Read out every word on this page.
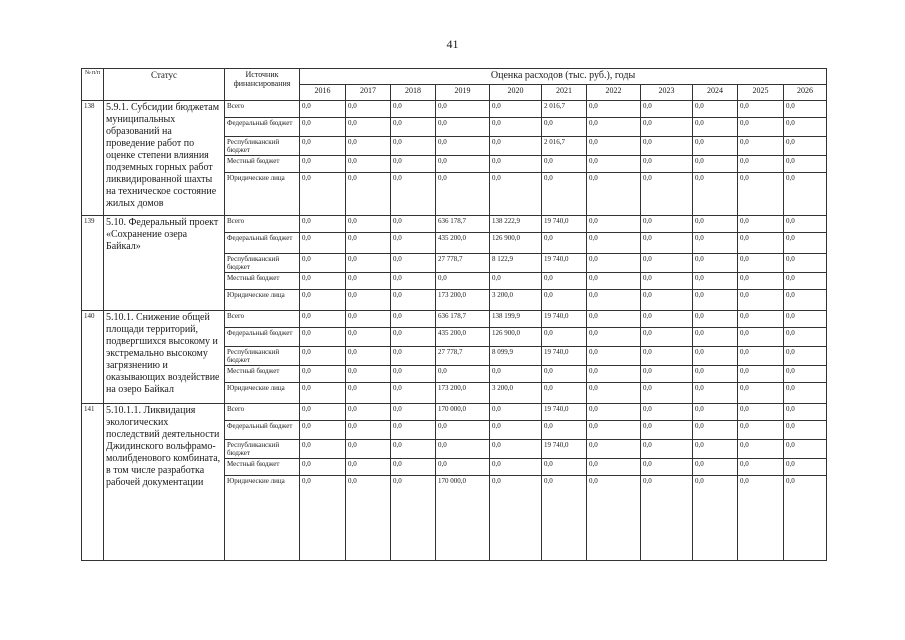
41
№ п/п	Статус	Источник финансирования	Оценка расходов (тыс. руб.), годы										
			2016	2017	2018	2019	2020	2021	2022	2023	2024	2025	2026
138	5.9.1. Субсидии бюджетам муниципальных образований на проведение работ по оценке степени влияния подземных горных работ ликвидированной шахты на техническое состояние жилых домов	Всего	0,0	0,0	0,0	0,0	0,0	2 016,7	0,0	0,0	0,0	0,0	0,0
		Федеральный бюджет	0,0	0,0	0,0	0,0	0,0	0,0	0,0	0,0	0,0	0,0	0,0
		Республиканский бюджет	0,0	0,0	0,0	0,0	0,0	2 016,7	0,0	0,0	0,0	0,0	0,0
		Местный бюджет	0,0	0,0	0,0	0,0	0,0	0,0	0,0	0,0	0,0	0,0	0,0
		Юридические лица	0,0	0,0	0,0	0,0	0,0	0,0	0,0	0,0	0,0	0,0	0,0
139	5.10. Федеральный проект «Сохранение озера Байкал»	Всего	0,0	0,0	0,0	636 178,7	138 222,9	19 740,0	0,0	0,0	0,0	0,0	0,0
		Федеральный бюджет	0,0	0,0	0,0	435 200,0	126 900,0	0,0	0,0	0,0	0,0	0,0	0,0
		Республиканский бюджет	0,0	0,0	0,0	27 778,7	8 122,9	19 740,0	0,0	0,0	0,0	0,0	0,0
		Местный бюджет	0,0	0,0	0,0	0,0	0,0	0,0	0,0	0,0	0,0	0,0	0,0
		Юридические лица	0,0	0,0	0,0	173 200,0	3 200,0	0,0	0,0	0,0	0,0	0,0	0,0
140	5.10.1. Снижение общей площади территорий, подвергшихся высокому и экстремально высокому загрязнению и оказывающих воздействие на озеро Байкал	Всего	0,0	0,0	0,0	636 178,7	138 199,9	19 740,0	0,0	0,0	0,0	0,0	0,0
		Федеральный бюджет	0,0	0,0	0,0	435 200,0	126 900,0	0,0	0,0	0,0	0,0	0,0	0,0
		Республиканский бюджет	0,0	0,0	0,0	27 778,7	8 099,9	19 740,0	0,0	0,0	0,0	0,0	0,0
		Местный бюджет	0,0	0,0	0,0	0,0	0,0	0,0	0,0	0,0	0,0	0,0	0,0
		Юридические лица	0,0	0,0	0,0	173 200,0	3 200,0	0,0	0,0	0,0	0,0	0,0	0,0
141	5.10.1.1. Ликвидация экологических последствий деятельности Джидинского вольфрамо-молибденового комбината, в том числе разработка рабочей документации	Всего	0,0	0,0	0,0	170 000,0	0,0	19 740,0	0,0	0,0	0,0	0,0	0,0
		Федеральный бюджет	0,0	0,0	0,0	0,0	0,0	0,0	0,0	0,0	0,0	0,0	0,0
		Республиканский бюджет	0,0	0,0	0,0	0,0	0,0	19 740,0	0,0	0,0	0,0	0,0	0,0
		Местный бюджет	0,0	0,0	0,0	0,0	0,0	0,0	0,0	0,0	0,0	0,0	0,0
		Юридические лица	0,0	0,0	0,0	170 000,0	0,0	0,0	0,0	0,0	0,0	0,0	0,0
